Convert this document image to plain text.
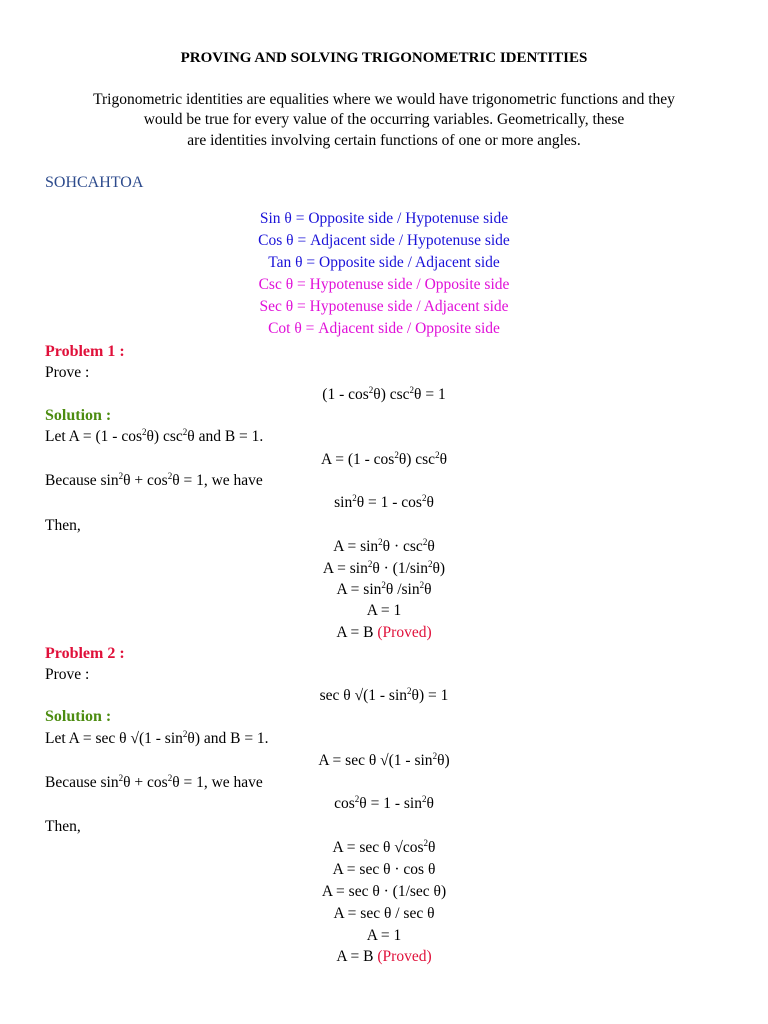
PROVING AND SOLVING TRIGONOMETRIC IDENTITIES
Trigonometric identities are equalities where we would have trigonometric functions and they
would be true for every value of the occurring variables. Geometrically, these
are identities involving certain functions of one or more angles.
SOHCAHTOA
Sin θ = Opposite side / Hypotenuse side
Cos θ = Adjacent side / Hypotenuse side
Tan θ = Opposite side / Adjacent side
Csc θ = Hypotenuse side / Opposite side
Sec θ = Hypotenuse side / Adjacent side
Cot θ = Adjacent side / Opposite side
Problem 1 :
Prove :
$(1 - \cos^2\theta)$ $\csc^2\theta = 1$
Solution :
Let $A = (1 - \cos^2\theta)$ $\csc^2\theta$ and B = 1.
$A = (1 - \cos^2\theta)$ $\csc^2\theta$
Because $\sin^2\theta + \cos^2\theta = 1$, we have
$\sin^2\theta = 1 - \cos^2\theta$
Then,
$A = \sin^2\theta \cdot \csc^2\theta$
$A = \sin^2\theta \cdot (1/\sin^2\theta)$
$A = \sin^2\theta$ $/\sin^2\theta$
A = 1
A = B (Proved)
Problem 2 :
Prove :
sec θ $√(1 - \sin^2\theta) = 1$
Solution :
Let A = sec θ $√(1 - \sin^2\theta)$ and B = 1.
A = sec θ $√(1 - \sin^2\theta)$
Because $\sin^2\theta + \cos^2\theta = 1$, we have
$\cos^2\theta = 1 - \sin^2\theta$
Then,
A = sec θ $√\cos^2\theta$
A = sec θ · cos θ
A = sec θ · (1/sec θ)
A = sec θ / sec θ
A = 1
A = B (Proved)
